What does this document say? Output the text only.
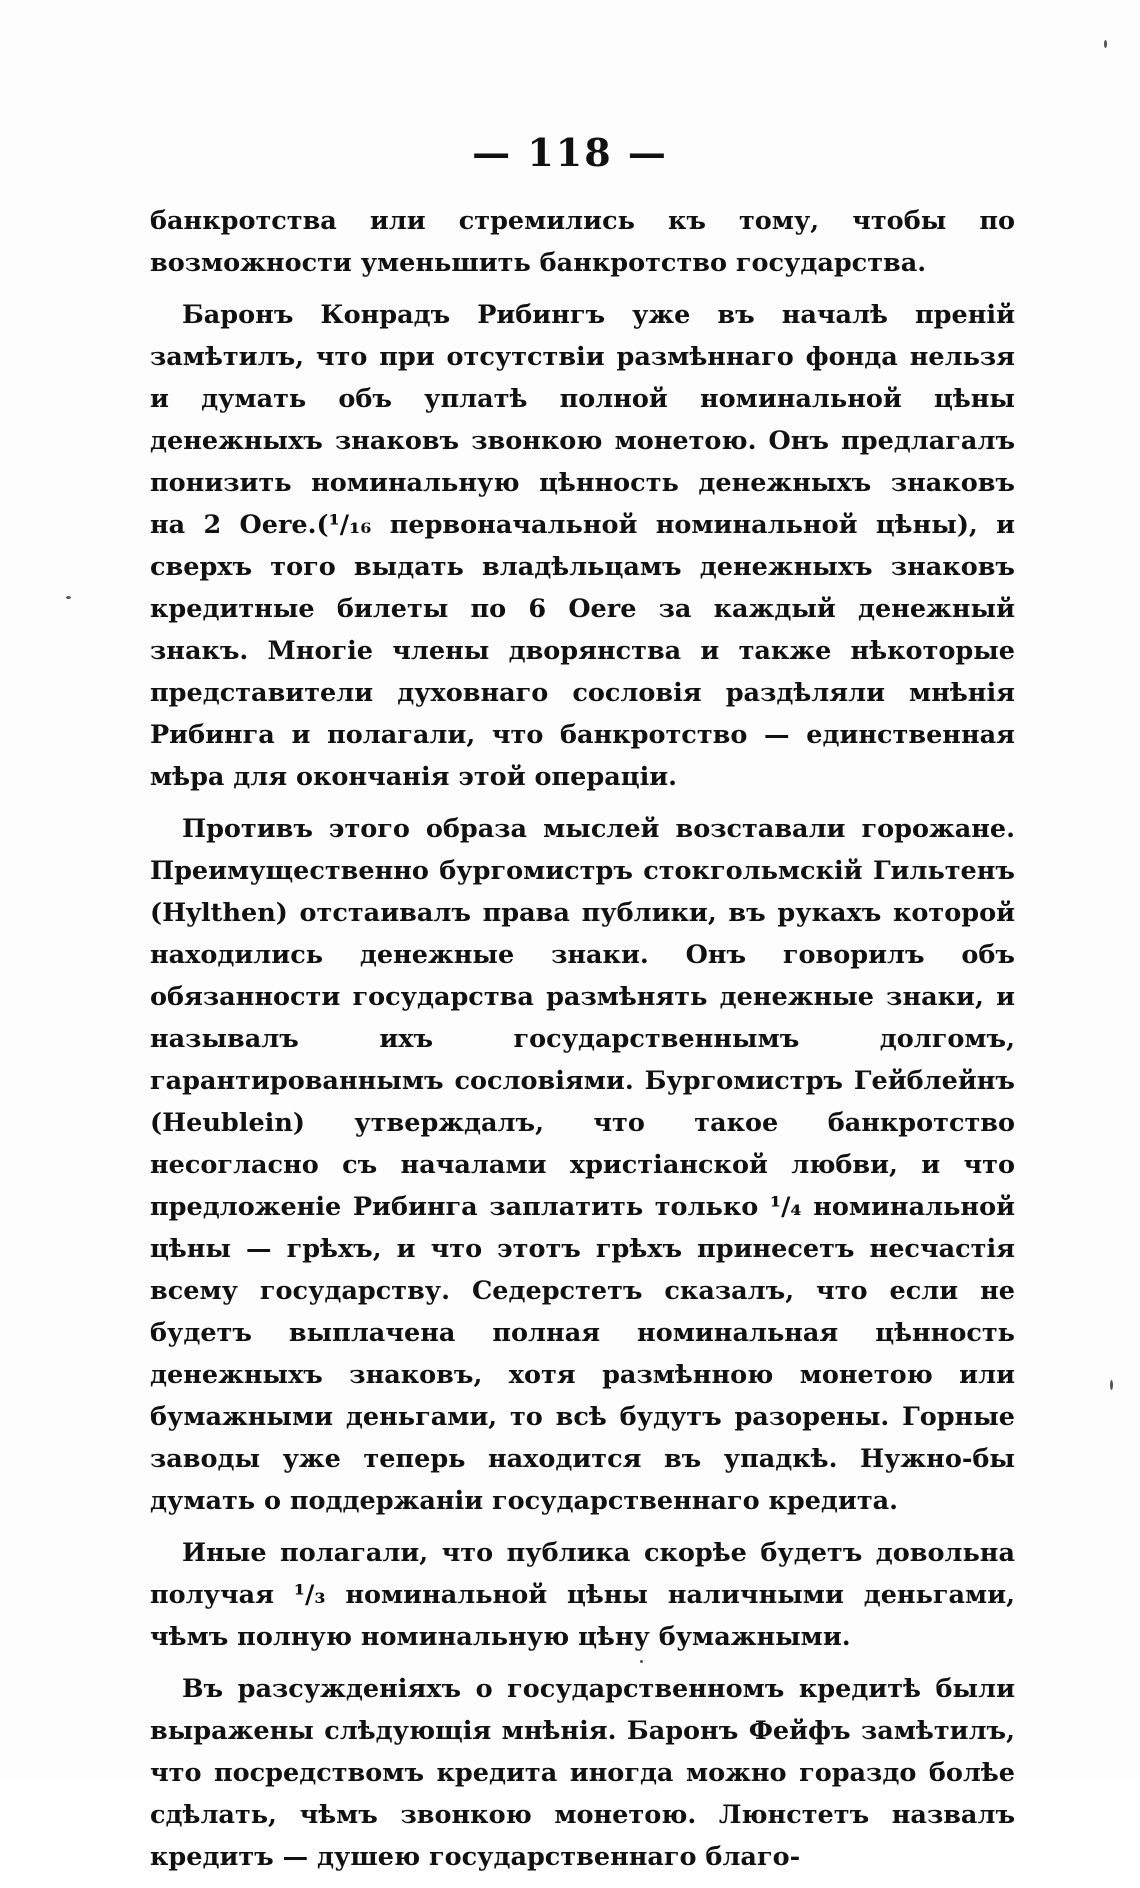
— 118 —

банкротства или стремились къ тому, чтобы по возможности уменьшить банкротство государства.

Баронъ Конрадъ Рибингъ уже въ началѣ преній замѣтилъ, что при отсутствіи размѣннаго фонда нельзя и думать объ уплатѣ полной номинальной цѣны денежныхъ знаковъ звонкою монетою. Онъ предлагалъ понизить номинальную цѣнность денежныхъ знаковъ на 2 Oere.(¹/₁₆ первоначальной номинальной цѣны), и сверхъ того выдать владѣльцамъ денежныхъ знаковъ кредитные билеты по 6 Oere за каждый денежный знакъ. Многіе члены дворянства и также нѣкоторые представители духовнаго сословія раздѣляли мнѣнія Рибинга и полагали, что банкротство — единственная мѣра для окончанія этой операціи.

Противъ этого образа мыслей возставали горожане. Преимущественно бургомистръ стокгольмскій Гильтенъ (Hylthen) отстаивалъ права публики, въ рукахъ которой находились денежные знаки. Онъ говорилъ объ обязанности государства размѣнять денежные знаки, и называлъ ихъ государственнымъ долгомъ, гарантированнымъ сословіями. Бургомистръ Гейблейнъ (Heublein) утверждалъ, что такое банкротство несогласно съ началами христіанской любви, и что предложеніе Рибинга заплатить только ¹/₄ номинальной цѣны — грѣхъ, и что этотъ грѣхъ принесетъ несчастія всему государству. Седерстетъ сказалъ, что если не будетъ выплачена полная номинальная цѣнность денежныхъ знаковъ, хотя размѣнною монетою или бумажными деньгами, то всѣ будутъ разорены. Горные заводы уже теперь находится въ упадкѣ. Нужно-бы думать о поддержаніи государственнаго кредита.

Иные полагали, что публика скорѣе будетъ довольна получая ¹/₃ номинальной цѣны наличными деньгами, чѣмъ полную номинальную цѣну бумажными.

Въ разсужденіяхъ о государственномъ кредитѣ были выражены слѣдующія мнѣнія. Баронъ Фейфъ замѣтилъ, что посредствомъ кредита иногда можно гораздо болѣе сдѣлать, чѣмъ звонкою монетою. Люнстетъ назвалъ кредитъ — душею государственнаго благо-
